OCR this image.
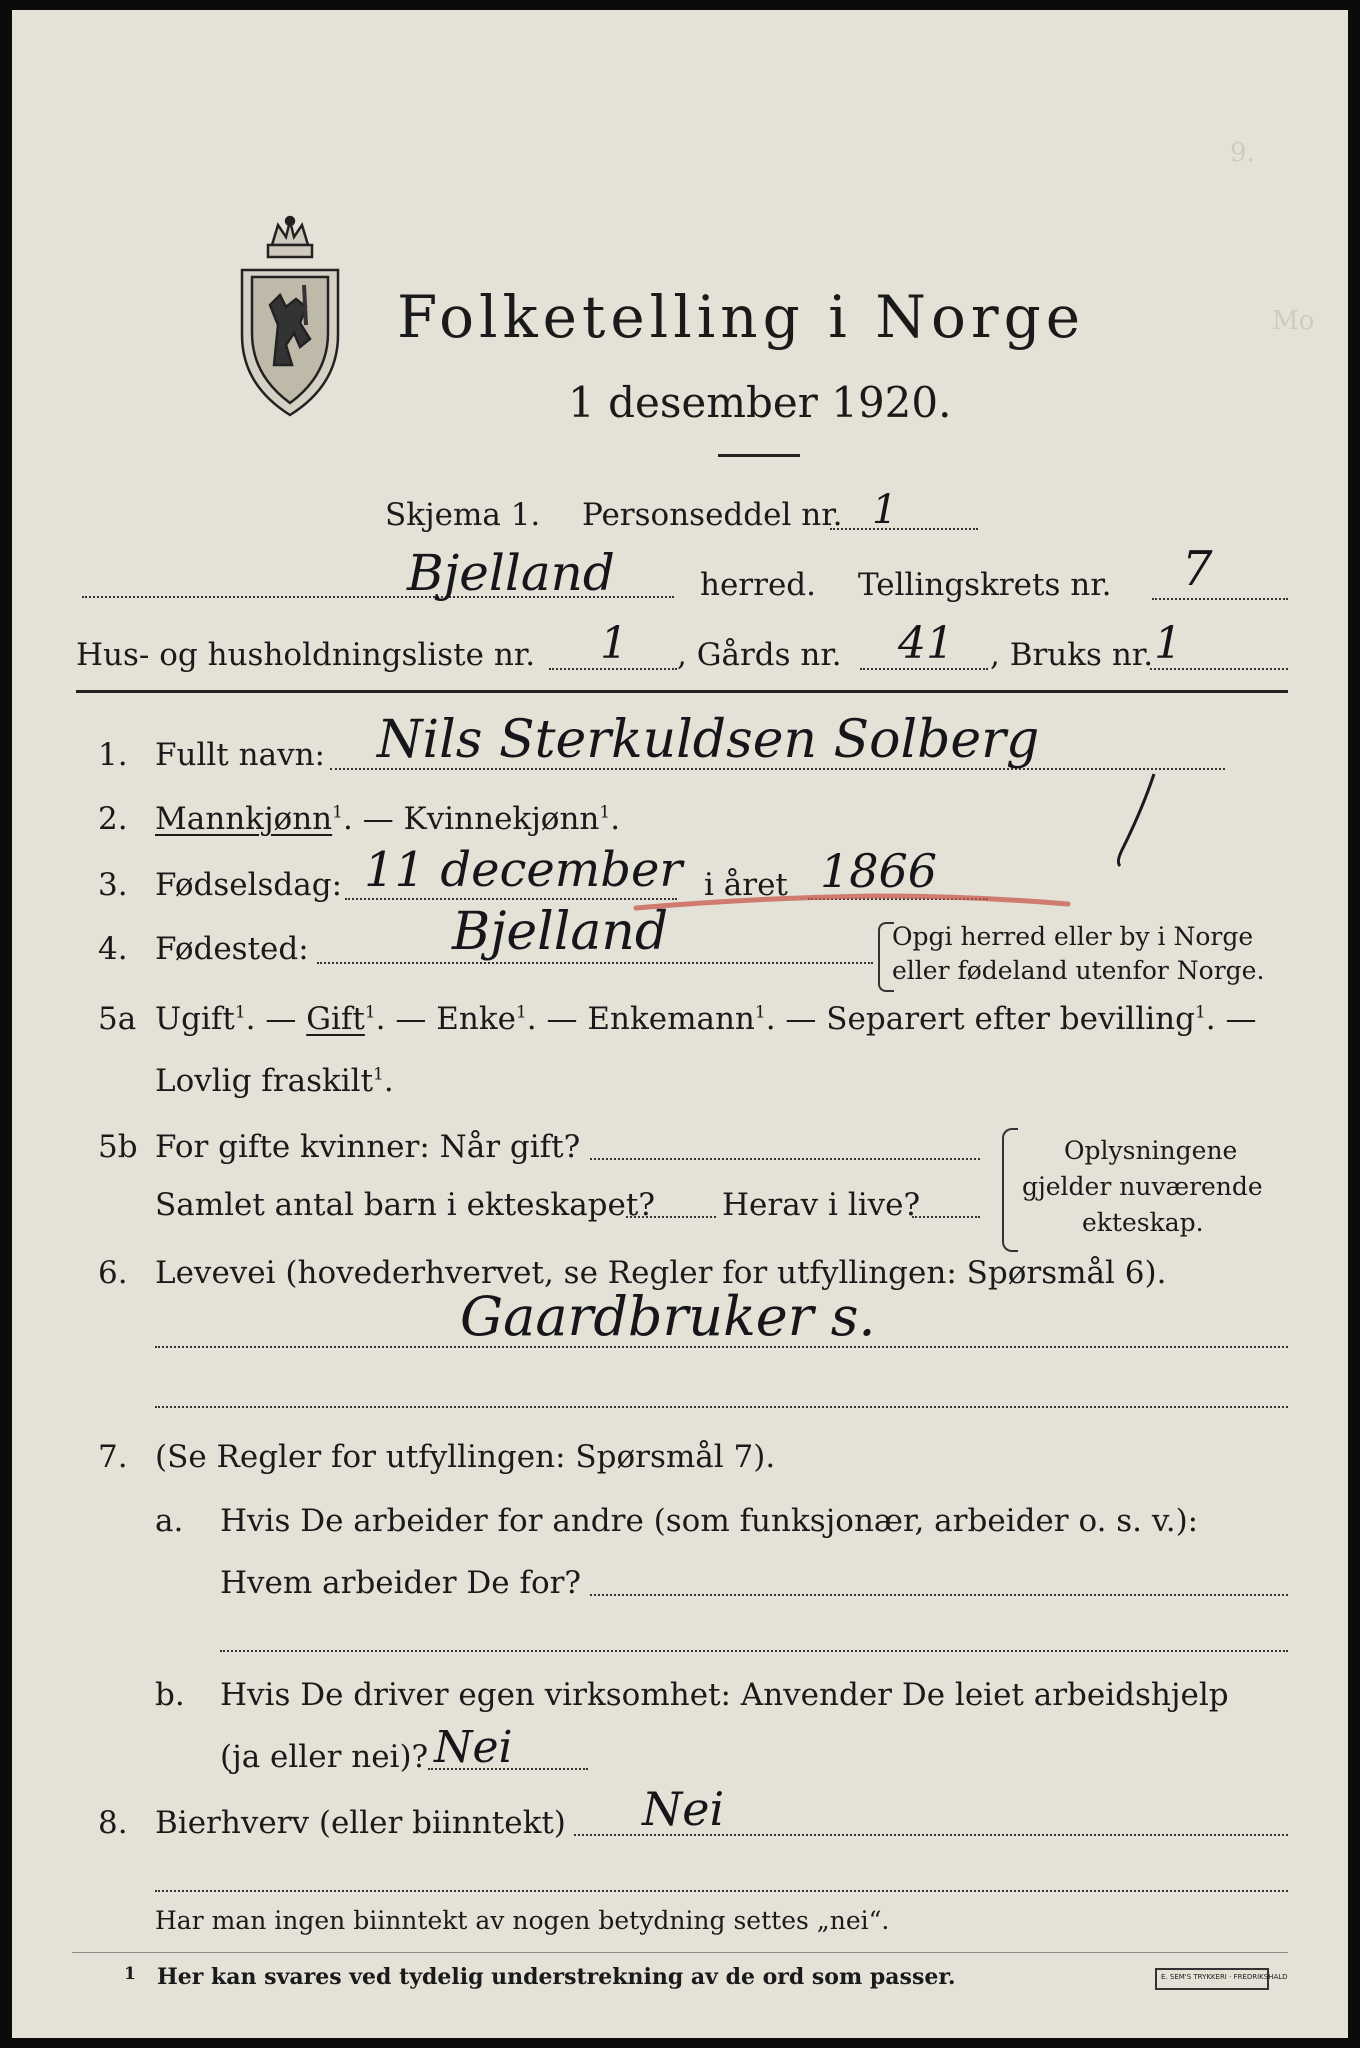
9.
Mo
Folketelling i Norge
1 desember 1920.
Skjema 1. Personseddel nr. 1
Bjelland	herred. Tellingskrets nr. 7
Hus- og husholdningsliste nr. 1 , Gårds nr. 41 , Bruks nr. 1
1. Fullt navn: Nils Sterkuldsen Solberg
2. Mannkjønn$^1$. — Kvinnekjønn$^1$.
3. Fødselsdag: 11 december i året 1866
4. Fødested:	Bjelland	Opgi herred eller by i Norge
eller fødeland utenfor Norge.
5a Ugift$^1$. — Gift$^1$. — Enke$^1$. — Enkemann$^1$. — Separert efter bevilling$^1$. —
Lovlig fraskilt$^1$.
5b For gifte kvinner: Når gift?
Samlet antal barn i ekteskapet? Herav i live?
Oplysningene
gjelder nuværende
ekteskap.
6. Levevei (hovederhvervet, se Regler for utfyllingen: Spørsmål 6).
Gaardbruker s.
7. (Se Regler for utfyllingen: Spørsmål 7).
a. Hvis De arbeider for andre (som funksjonær, arbeider o. s. v.):
Hvem arbeider De for?
b. Hvis De driver egen virksomhet: Anvender De leiet arbeidshjelp
(ja eller nei)? Nei
8. Bierhverv (eller biinntekt) Nei
Har man ingen biinntekt av nogen betydning settes „nei“.
1 Her kan svares ved tydelig understrekning av de ord som passer.	E. SEM'S TRYKKERI · FREDRIKSHALD
